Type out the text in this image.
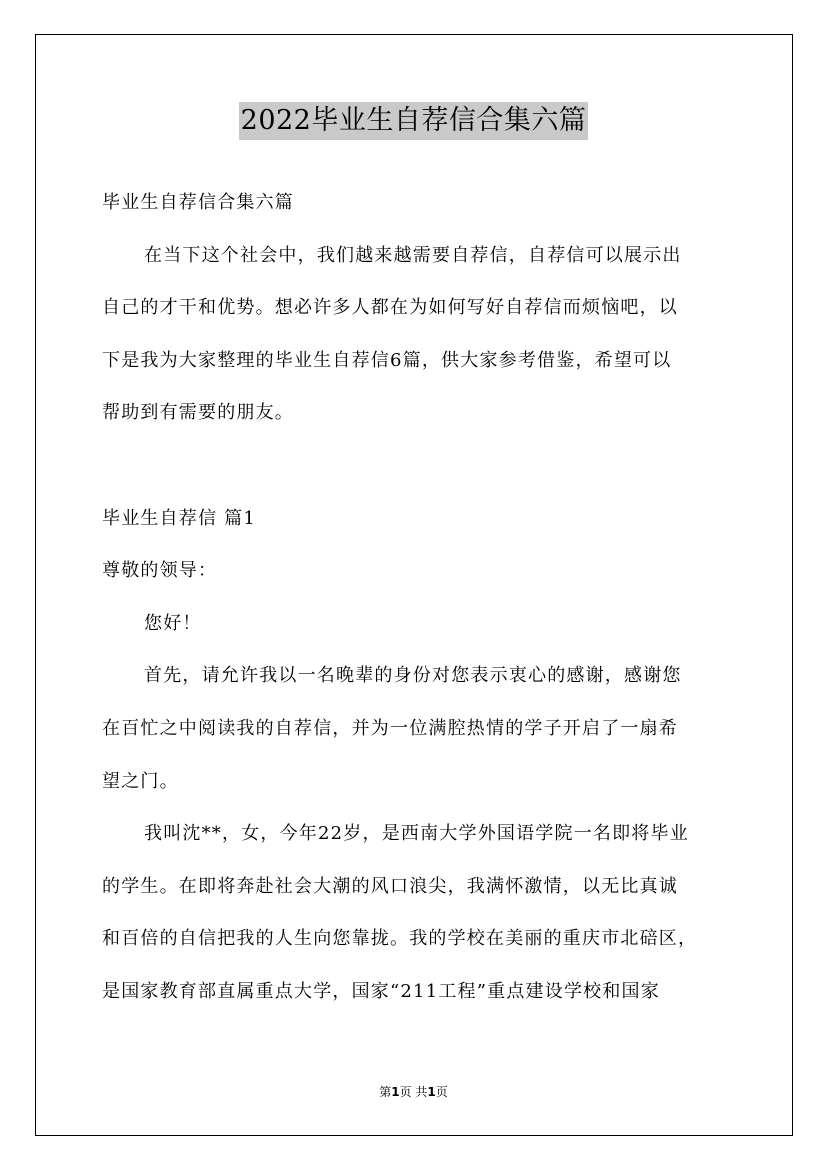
2022毕业生自荐信合集六篇
毕业生自荐信合集六篇
在当下这个社会中，我们越来越需要自荐信，自荐信可以展示出
自己的才干和优势。想必许多人都在为如何写好自荐信而烦恼吧，以
下是我为大家整理的毕业生自荐信6篇，供大家参考借鉴，希望可以
帮助到有需要的朋友。
毕业生自荐信 篇1
尊敬的领导：
您好！
首先，请允许我以一名晚辈的身份对您表示衷心的感谢，感谢您
在百忙之中阅读我的自荐信，并为一位满腔热情的学子开启了一扇希
望之门。
我叫沈**，女，今年22岁，是西南大学外国语学院一名即将毕业
的学生。在即将奔赴社会大潮的风口浪尖，我满怀激情，以无比真诚
和百倍的自信把我的人生向您靠拢。我的学校在美丽的重庆市北碚区，
是国家教育部直属重点大学，国家“211工程”重点建设学校和国家
第1页 共1页
